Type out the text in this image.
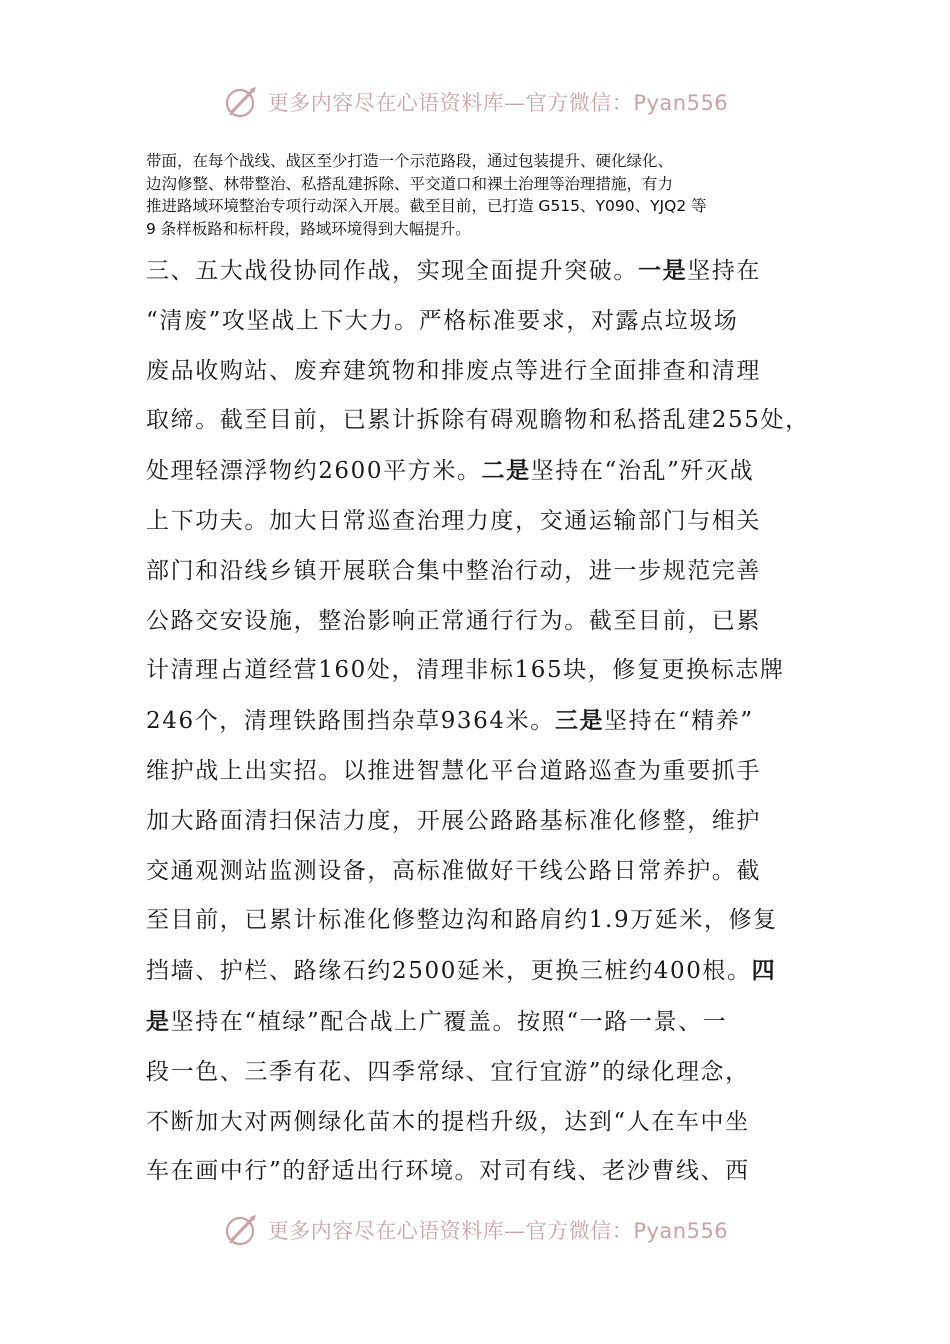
更多内容尽在心语资料库—官方微信：Pyan556
带面，在每个战线、战区至少打造一个示范路段，通过包装提升、硬化绿化、
边沟修整、林带整治、私搭乱建拆除、平交道口和裸土治理等治理措施，有力
推进路域环境整治专项行动深入开展。截至目前，已打造 G515、Y090、YJQ2 等
9 条样板路和标杆段，路域环境得到大幅提升。
三、五大战役协同作战，实现全面提升突破。一是坚持在
“清废”攻坚战上下大力。严格标准要求，对露点垃圾场
废品收购站、废弃建筑物和排废点等进行全面排查和清理
取缔。截至目前，已累计拆除有碍观瞻物和私搭乱建255处，
处理轻漂浮物约2600平方米。二是坚持在“治乱”歼灭战
上下功夫。加大日常巡查治理力度，交通运输部门与相关
部门和沿线乡镇开展联合集中整治行动，进一步规范完善
公路交安设施，整治影响正常通行行为。截至目前，已累
计清理占道经营160处，清理非标165块，修复更换标志牌
246个，清理铁路围挡杂草9364米。三是坚持在“精养”
维护战上出实招。以推进智慧化平台道路巡查为重要抓手
加大路面清扫保洁力度，开展公路路基标准化修整，维护
交通观测站监测设备，高标准做好干线公路日常养护。截
至目前，已累计标准化修整边沟和路肩约1.9万延米，修复
挡墙、护栏、路缘石约2500延米，更换三桩约400根。四
是坚持在“植绿”配合战上广覆盖。按照“一路一景、一
段一色、三季有花、四季常绿、宜行宜游”的绿化理念，
不断加大对两侧绿化苗木的提档升级，达到“人在车中坐
车在画中行”的舒适出行环境。对司有线、老沙曹线、西
更多内容尽在心语资料库—官方微信：Pyan556
